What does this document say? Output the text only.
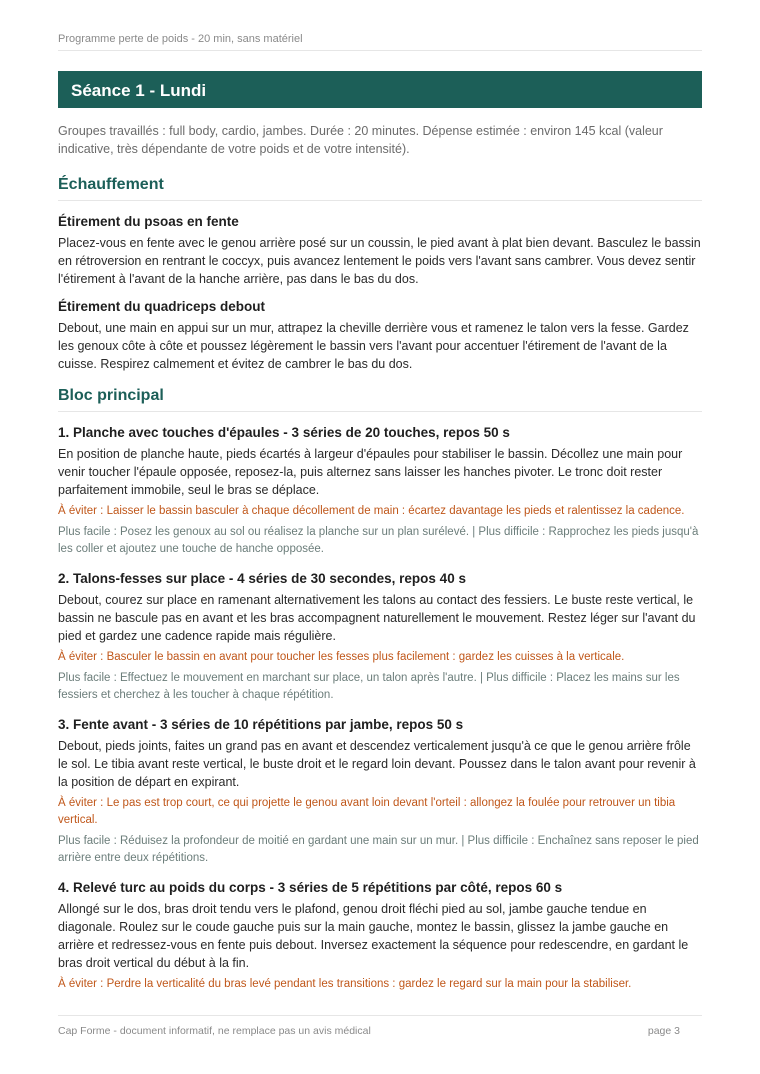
Programme perte de poids - 20 min, sans matériel
Séance 1 - Lundi

Groupes travaillés : full body, cardio, jambes. Durée : 20 minutes. Dépense estimée : environ 145 kcal (valeur indicative, très dépendante de votre poids et de votre intensité).

Échauffement
Étirement du psoas en fente

Placez-vous en fente avec le genou arrière posé sur un coussin, le pied avant à plat bien devant. Basculez le bassin en rétroversion en rentrant le coccyx, puis avancez lentement le poids vers l'avant sans cambrer. Vous devez sentir l'étirement à l'avant de la hanche arrière, pas dans le bas du dos.

Étirement du quadriceps debout

Debout, une main en appui sur un mur, attrapez la cheville derrière vous et ramenez le talon vers la fesse. Gardez les genoux côte à côte et poussez légèrement le bassin vers l'avant pour accentuer l'étirement de l'avant de la cuisse. Respirez calmement et évitez de cambrer le bas du dos.

Bloc principal
1. Planche avec touches d'épaules - 3 séries de 20 touches, repos 50 s

En position de planche haute, pieds écartés à largeur d'épaules pour stabiliser le bassin. Décollez une main pour venir toucher l'épaule opposée, reposez-la, puis alternez sans laisser les hanches pivoter. Le tronc doit rester parfaitement immobile, seul le bras se déplace.

À éviter : Laisser le bassin basculer à chaque décollement de main : écartez davantage les pieds et ralentissez la cadence.

Plus facile : Posez les genoux au sol ou réalisez la planche sur un plan surélevé. | Plus difficile : Rapprochez les pieds jusqu'à les coller et ajoutez une touche de hanche opposée.

2. Talons-fesses sur place - 4 séries de 30 secondes, repos 40 s

Debout, courez sur place en ramenant alternativement les talons au contact des fessiers. Le buste reste vertical, le bassin ne bascule pas en avant et les bras accompagnent naturellement le mouvement. Restez léger sur l'avant du pied et gardez une cadence rapide mais régulière.

À éviter : Basculer le bassin en avant pour toucher les fesses plus facilement : gardez les cuisses à la verticale.

Plus facile : Effectuez le mouvement en marchant sur place, un talon après l'autre. | Plus difficile : Placez les mains sur les fessiers et cherchez à les toucher à chaque répétition.

3. Fente avant - 3 séries de 10 répétitions par jambe, repos 50 s

Debout, pieds joints, faites un grand pas en avant et descendez verticalement jusqu'à ce que le genou arrière frôle le sol. Le tibia avant reste vertical, le buste droit et le regard loin devant. Poussez dans le talon avant pour revenir à la position de départ en expirant.

À éviter : Le pas est trop court, ce qui projette le genou avant loin devant l'orteil : allongez la foulée pour retrouver un tibia vertical.

Plus facile : Réduisez la profondeur de moitié en gardant une main sur un mur. | Plus difficile : Enchaînez sans reposer le pied arrière entre deux répétitions.

4. Relevé turc au poids du corps - 3 séries de 5 répétitions par côté, repos 60 s

Allongé sur le dos, bras droit tendu vers le plafond, genou droit fléchi pied au sol, jambe gauche tendue en diagonale. Roulez sur le coude gauche puis sur la main gauche, montez le bassin, glissez la jambe gauche en arrière et redressez-vous en fente puis debout. Inversez exactement la séquence pour redescendre, en gardant le bras droit vertical du début à la fin.

À éviter : Perdre la verticalité du bras levé pendant les transitions : gardez le regard sur la main pour la stabiliser.

Cap Forme - document informatif, ne remplace pas un avis médical	page 3
